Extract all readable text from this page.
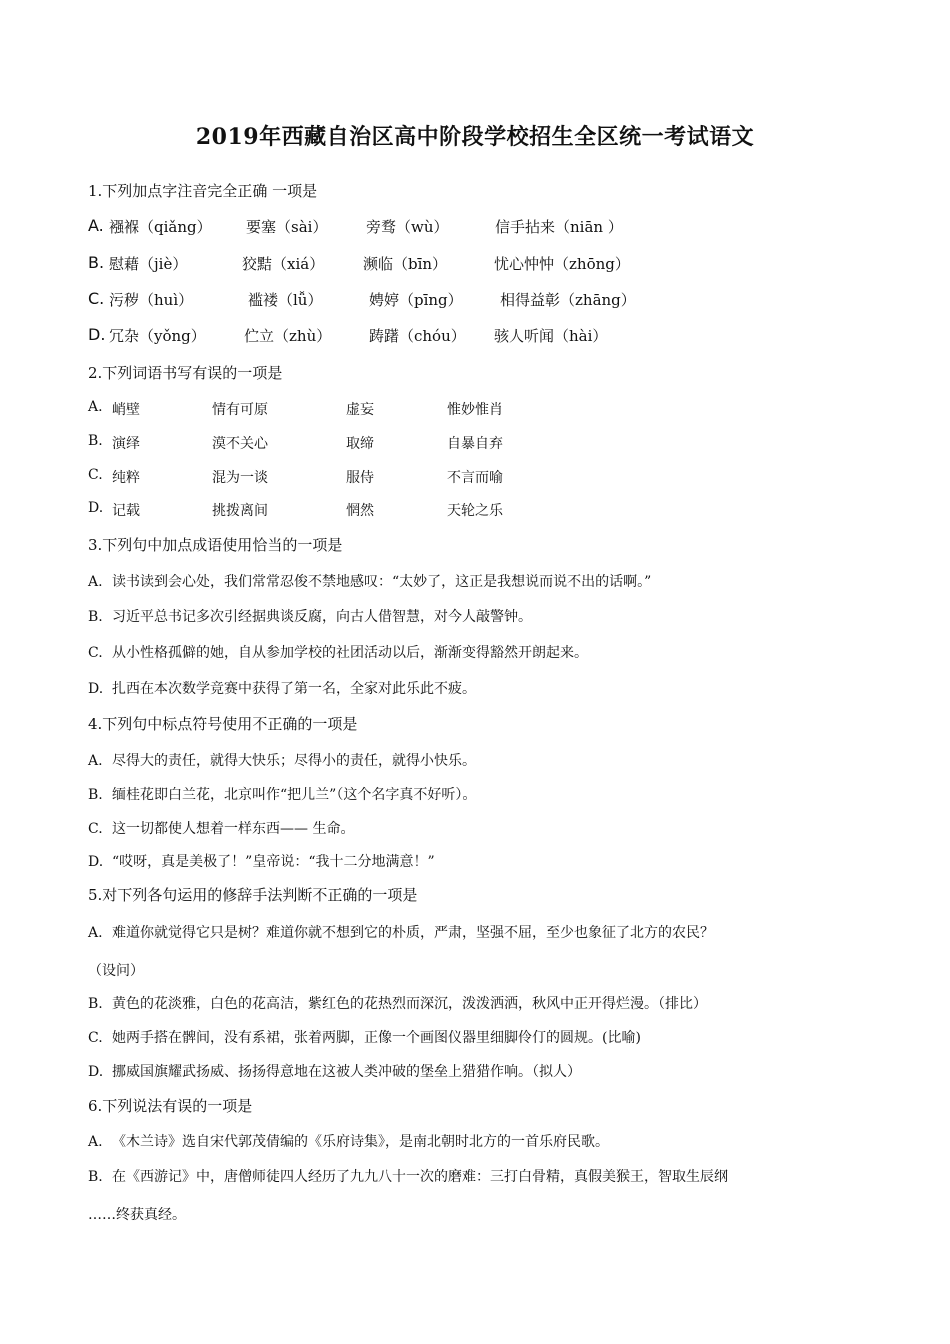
2019年西藏自治区高中阶段学校招生全区统一考试语文
1.下列加点字注音完全正确 一项是
A. 襁褓（qiǎng） 要塞（sài）	旁骛（wù）	信手拈来（niān ）
B. 慰藉（jiè）	狡黠（xiá）	濒临（bīn）	忧心忡忡（zhōng）
C. 污秽（huì）	褴褛（lǚ）	娉婷（pīng） 相得益彰（zhāng）
D. 冗杂（yǒng）	伫立（zhù）	踌躇（chóu） 骇人听闻（hài）
2.下列词语书写有误的一项是
A. 峭壁	情有可原	虚妄	惟妙惟肖
B. 演绎	漠不关心	取缔	自暴自弃
C. 纯粹	混为一谈	服侍	不言而喻
D. 记载	挑拨离间	惘然	天轮之乐
3.下列句中加点成语使用恰当的一项是
A. 读书读到会心处，我们常常忍俊不禁地感叹：“太妙了，这正是我想说而说不出的话啊。”
B. 习近平总书记多次引经据典谈反腐，向古人借智慧，对今人敲警钟。
C. 从小性格孤僻的她，自从参加学校的社团活动以后，渐渐变得豁然开朗起来。
D. 扎西在本次数学竞赛中获得了第一名，全家对此乐此不疲。
4.下列句中标点符号使用不正确的一项是
A. 尽得大的责任，就得大快乐；尽得小的责任，就得小快乐。
B. 缅桂花即白兰花，北京叫作“把儿兰”（这个名字真不好听）。
C. 这一切都使人想着一样东西—— 生命。
D. “哎呀，真是美极了！”皇帝说：“我十二分地满意！”
5.对下列各句运用的修辞手法判断不正确的一项是
A. 难道你就觉得它只是树？难道你就不想到它的朴质，严肃，坚强不屈，至少也象征了北方的农民？
（设问）
B. 黄色的花淡雅，白色的花高洁，紫红色的花热烈而深沉，泼泼洒洒，秋风中正开得烂漫。（排比）
C. 她两手搭在髀间，没有系裙，张着两脚，正像一个画图仪器里细脚伶仃的圆规。(比喻)
D. 挪威国旗耀武扬威、扬扬得意地在这被人类冲破的堡垒上猎猎作响。（拟人）
6.下列说法有误的一项是
A. 《木兰诗》选自宋代郭茂倩编的《乐府诗集》，是南北朝时北方的一首乐府民歌。
B. 在《西游记》中，唐僧师徒四人经历了九九八十一次的磨难：三打白骨精，真假美猴王，智取生辰纲
……终获真经。
